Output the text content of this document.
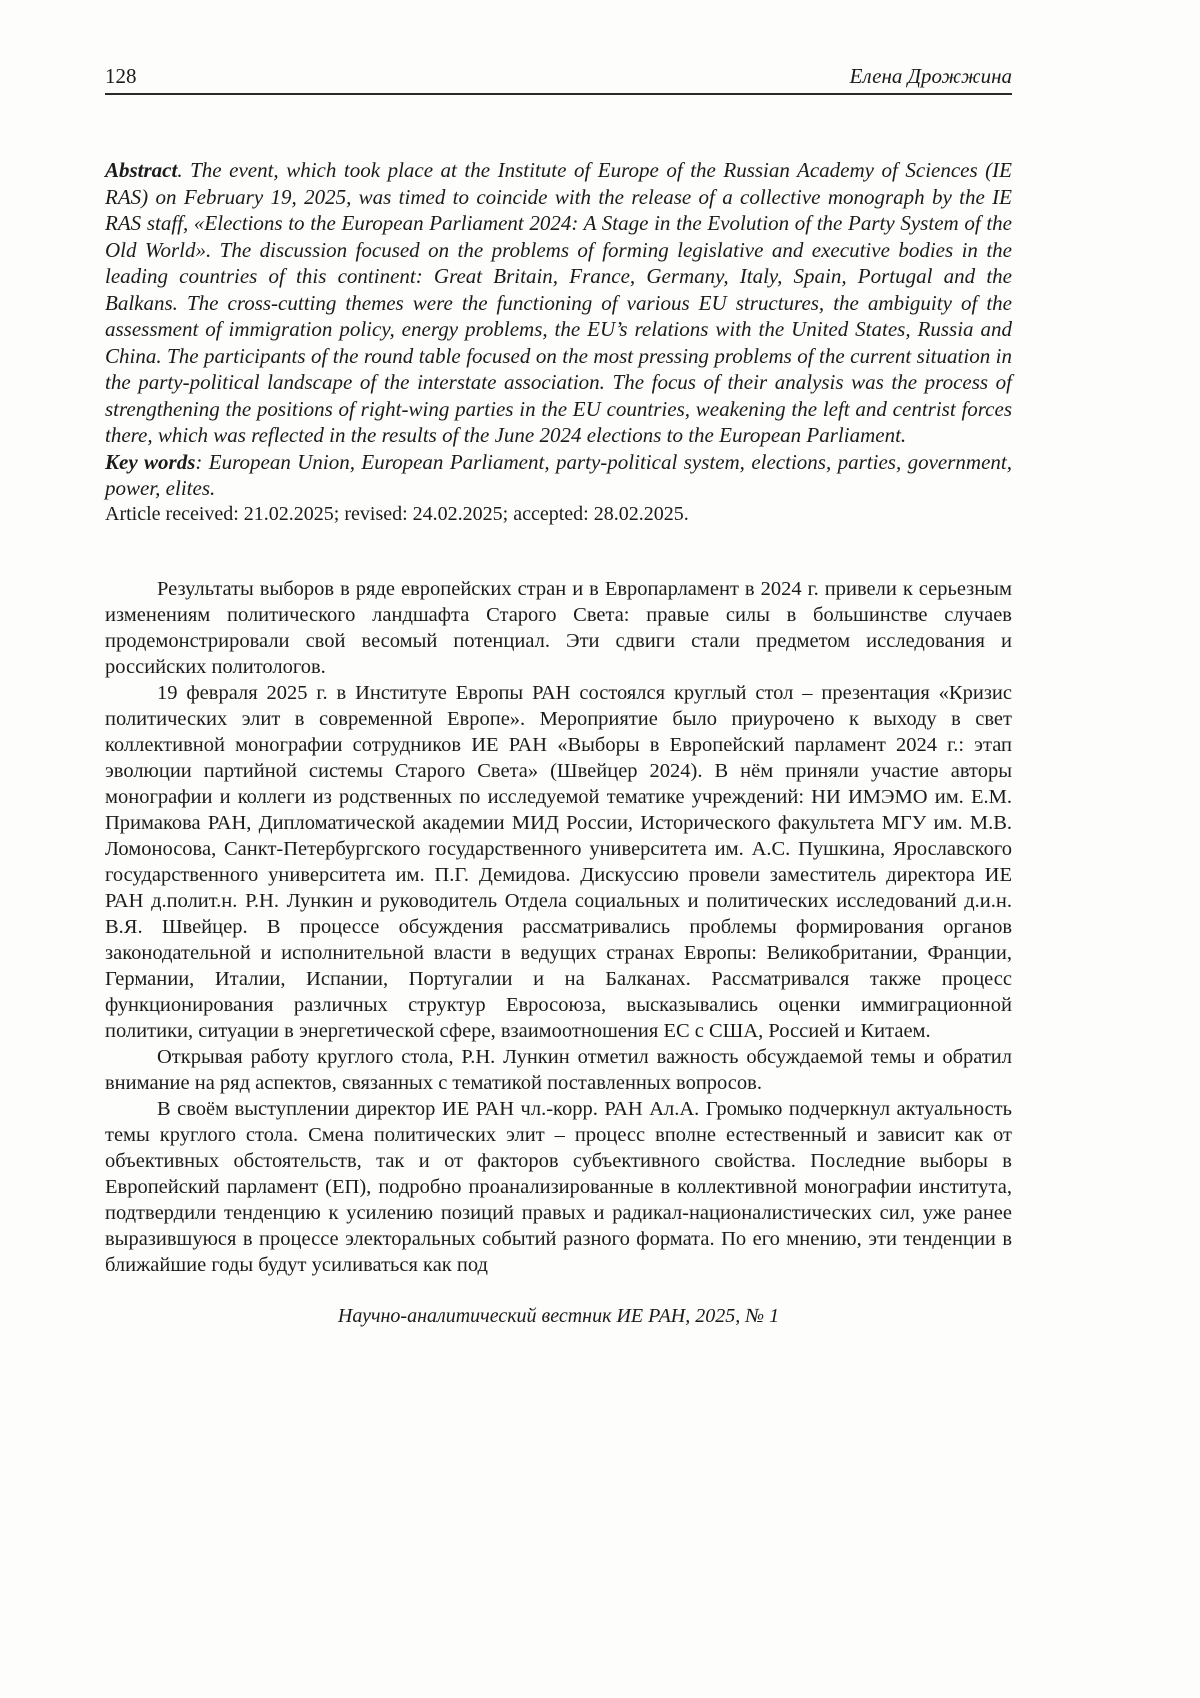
128	Елена Дрожжина

Abstract. The event, which took place at the Institute of Europe of the Russian Academy of Sciences (IE RAS) on February 19, 2025, was timed to coincide with the release of a collective monograph by the IE RAS staff, «Elections to the European Parliament 2024: A Stage in the Evolution of the Party System of the Old World». The discussion focused on the problems of forming legislative and executive bodies in the leading countries of this continent: Great Britain, France, Germany, Italy, Spain, Portugal and the Balkans. The cross-cutting themes were the functioning of various EU structures, the ambiguity of the assessment of immigration policy, energy problems, the EU’s relations with the United States, Russia and China. The participants of the round table focused on the most pressing problems of the current situation in the party-political landscape of the interstate association. The focus of their analysis was the process of strengthening the positions of right-wing parties in the EU countries, weakening the left and centrist forces there, which was reflected in the results of the June 2024 elections to the European Parliament.

Key words: European Union, European Parliament, party-political system, elections, parties, government, power, elites.

Article received: 21.02.2025; revised: 24.02.2025; accepted: 28.02.2025.

Результаты выборов в ряде европейских стран и в Европарламент в 2024 г. привели к серьезным изменениям политического ландшафта Старого Света: правые силы в большинстве случаев продемонстрировали свой весомый потенциал. Эти сдвиги стали предметом исследования и российских политологов.

19 февраля 2025 г. в Институте Европы РАН состоялся круглый стол – презентация «Кризис политических элит в современной Европе». Мероприятие было приурочено к выходу в свет коллективной монографии сотрудников ИЕ РАН «Выборы в Европейский парламент 2024 г.: этап эволюции партийной системы Старого Света» (Швейцер 2024). В нём приняли участие авторы монографии и коллеги из родственных по исследуемой тематике учреждений: НИ ИМЭМО им. Е.М. Примакова РАН, Дипломатической академии МИД России, Исторического факультета МГУ им. М.В. Ломоносова, Санкт-Петербургского государственного университета им. А.С. Пушкина, Ярославского государственного университета им. П.Г. Демидова. Дискуссию провели заместитель директора ИЕ РАН д.полит.н. Р.Н. Лункин и руководитель Отдела социальных и политических исследований д.и.н. В.Я. Швейцер. В процессе обсуждения рассматривались проблемы формирования органов законодательной и исполнительной власти в ведущих странах Европы: Великобритании, Франции, Германии, Италии, Испании, Португалии и на Балканах. Рассматривался также процесс функционирования различных структур Евросоюза, высказывались оценки иммиграционной политики, ситуации в энергетической сфере, взаимоотношения ЕС с США, Россией и Китаем.

Открывая работу круглого стола, Р.Н. Лункин отметил важность обсуждаемой темы и обратил внимание на ряд аспектов, связанных с тематикой поставленных вопросов.

В своём выступлении директор ИЕ РАН чл.-корр. РАН Ал.А. Громыко подчеркнул актуальность темы круглого стола. Смена политических элит – процесс вполне естественный и зависит как от объективных обстоятельств, так и от факторов субъективного свойства. Последние выборы в Европейский парламент (ЕП), подробно проанализированные в коллективной монографии института, подтвердили тенденцию к усилению позиций правых и радикал-националистических сил, уже ранее выразившуюся в процессе электоральных событий разного формата. По его мнению, эти тенденции в ближайшие годы будут усиливаться как под

Научно-аналитический вестник ИЕ РАН, 2025, № 1
